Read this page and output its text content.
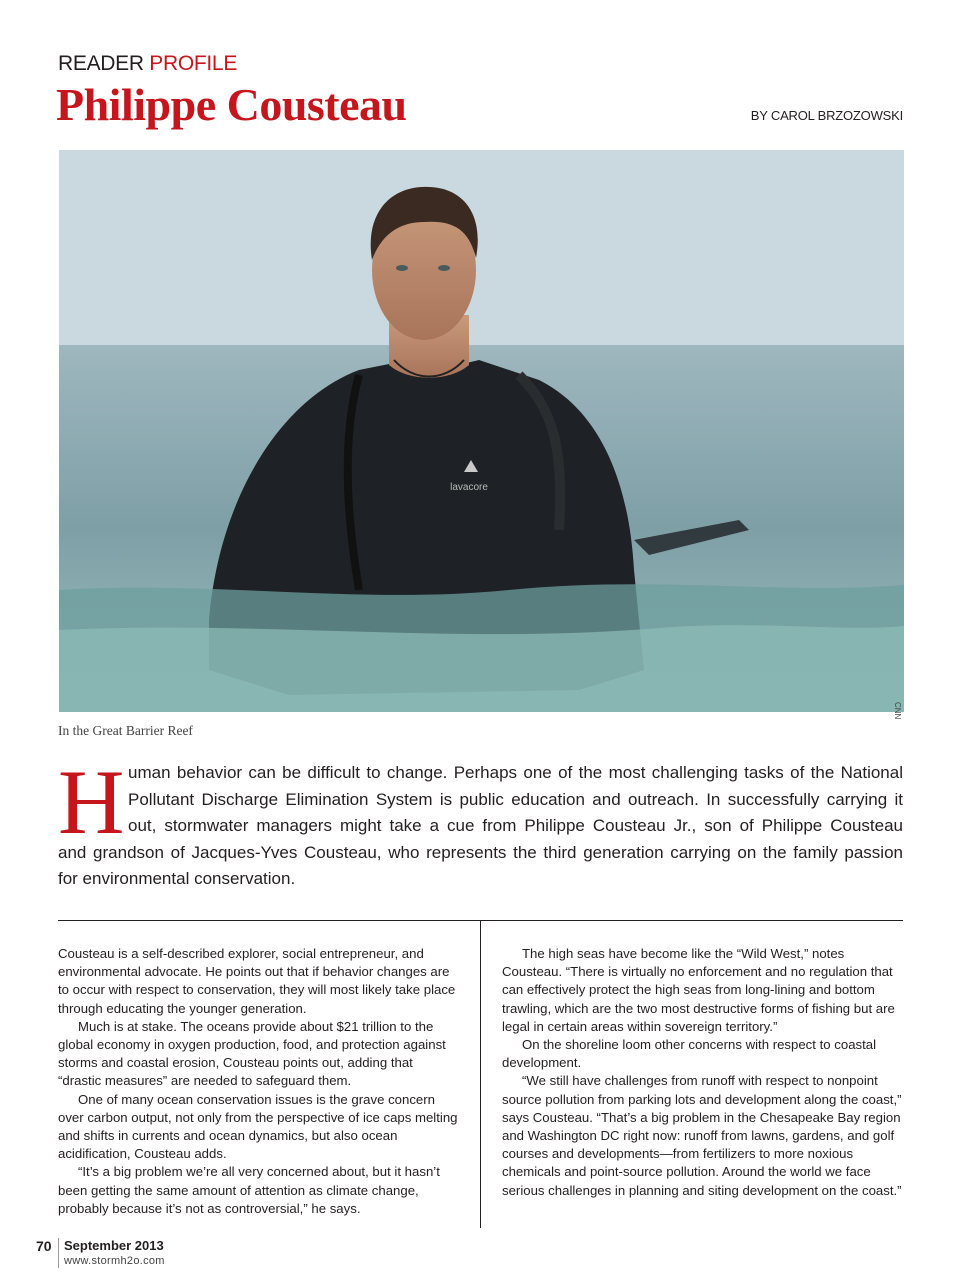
READER PROFILE
Philippe Cousteau	BY CAROL BRZOZOWSKI
lavacore
CNN
In the Great Barrier Reef
H uman behavior can be difficult to change. Perhaps one of the most challenging tasks of the National
Pollutant Discharge Elimination System is public education and outreach. In successfully carrying it
out, stormwater managers might take a cue from Philippe Cousteau Jr., son of Philippe Cousteau
and grandson of Jacques-Yves Cousteau, who represents the third generation carrying on the family passion
for environmental conservation.

Cousteau is a self-described explorer, social entrepreneur, and environmental advocate. He points out that if behavior changes are to occur with respect to conservation, they will most likely take place through educating the younger generation.

Much is at stake. The oceans provide about $21 trillion to the global economy in oxygen production, food, and protection against storms and coastal erosion, Cousteau points out, adding that “drastic measures” are needed to safeguard them.

One of many ocean conservation issues is the grave concern over carbon output, not only from the perspective of ice caps melting and shifts in currents and ocean dynamics, but also ocean acidification, Cousteau adds.

“It’s a big problem we’re all very concerned about, but it hasn’t been getting the same amount of attention as climate change, probably because it’s not as controversial,” he says.

The high seas have become like the “Wild West,” notes Cousteau. “There is virtually no enforcement and no regulation that can effectively protect the high seas from long-lining and bottom trawling, which are the two most destructive forms of fishing but are legal in certain areas within sovereign territory.”

On the shoreline loom other concerns with respect to coastal development.

“We still have challenges from runoff with respect to nonpoint source pollution from parking lots and development along the coast,” says Cousteau. “That’s a big problem in the Chesapeake Bay region and Washington DC right now: runoff from lawns, gardens, and golf courses and developments—from fertilizers to more noxious chemicals and point-source pollution. Around the world we face serious challenges in planning and siting development on the coast.”

70 September 2013
www.stormh2o.com
